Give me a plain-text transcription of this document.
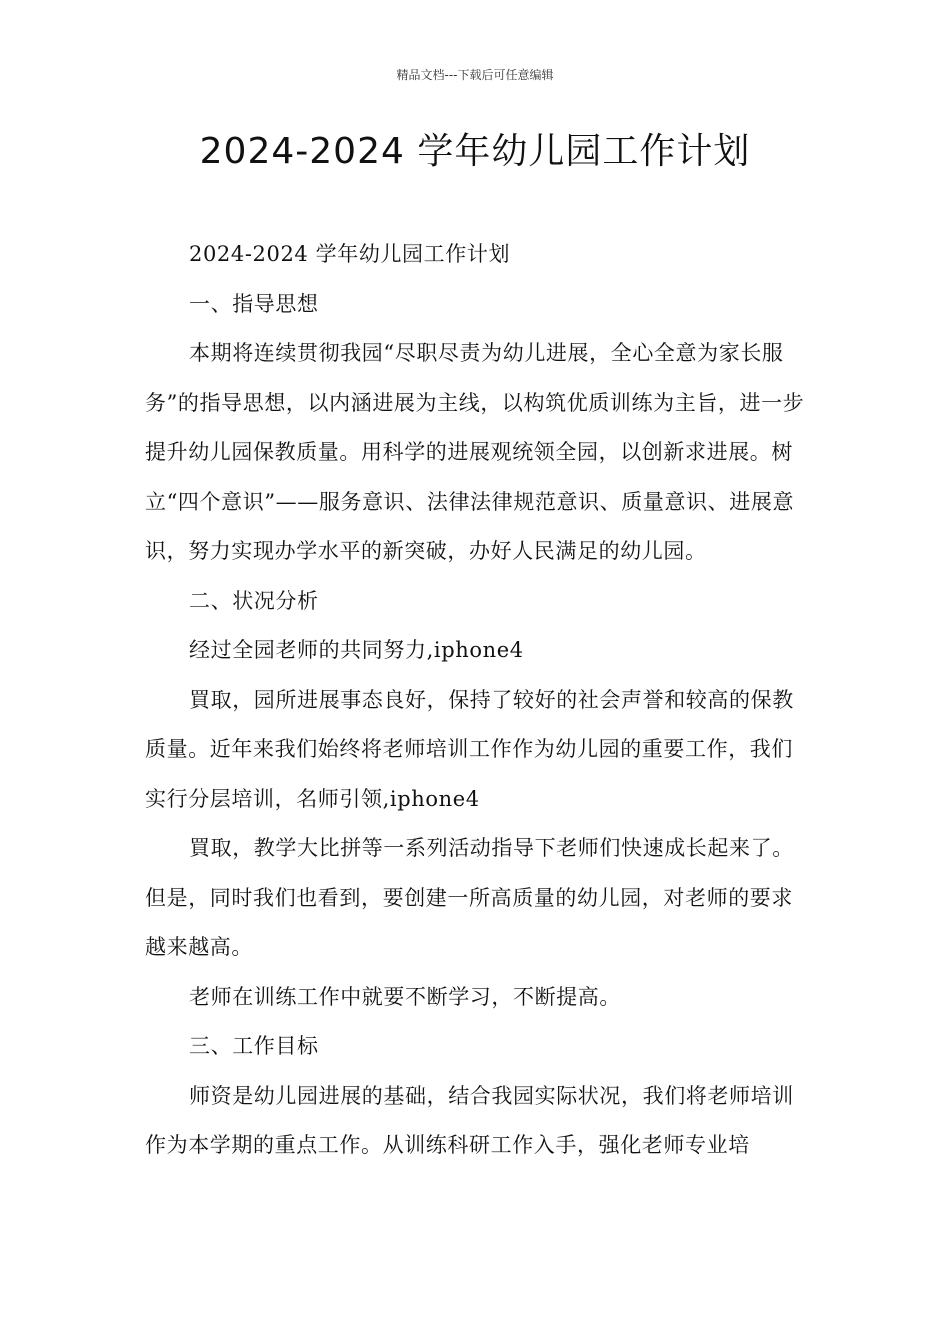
精品文档---下载后可任意编辑
2024-2024 学年幼儿园工作计划

2024-2024 学年幼儿园工作计划

一、指导思想

本期将连续贯彻我园“尽职尽责为幼儿进展，全心全意为家长服务”的指导思想，以内涵进展为主线，以构筑优质训练为主旨，进一步提升幼儿园保教质量。用科学的进展观统领全园，以创新求进展。树立“四个意识”——服务意识、法律法律规范意识、质量意识、进展意识，努力实现办学水平的新突破，办好人民满足的幼儿园。

二、状况分析

经过全园老师的共同努力,iphone4

買取，园所进展事态良好，保持了较好的社会声誉和较高的保教质量。近年来我们始终将老师培训工作作为幼儿园的重要工作，我们实行分层培训，名师引领,iphone4

買取，教学大比拼等一系列活动指导下老师们快速成长起来了。但是，同时我们也看到，要创建一所高质量的幼儿园，对老师的要求越来越高。

老师在训练工作中就要不断学习，不断提高。

三、工作目标

师资是幼儿园进展的基础，结合我园实际状况，我们将老师培训作为本学期的重点工作。从训练科研工作入手，强化老师专业培
